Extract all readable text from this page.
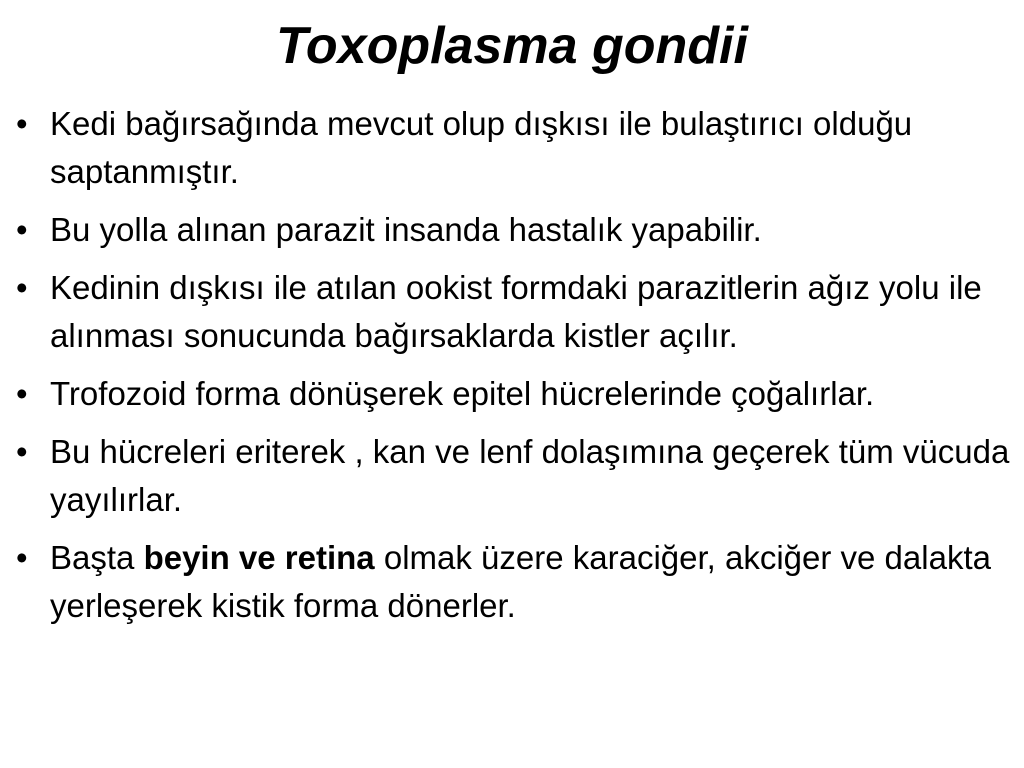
Toxoplasma gondii
• Kedi bağırsağında mevcut olup dışkısı ile bulaştırıcı olduğu saptanmıştır.
• Bu yolla alınan parazit insanda hastalık yapabilir.
• Kedinin dışkısı ile atılan ookist formdaki parazitlerin ağız yolu ile alınması sonucunda bağırsaklarda kistler açılır.
• Trofozoid forma dönüşerek epitel hücrelerinde çoğalırlar.
• Bu hücreleri eriterek , kan ve lenf dolaşımına geçerek tüm vücuda yayılırlar.
• Başta beyin ve retina olmak üzere karaciğer, akciğer ve dalakta yerleşerek kistik forma dönerler.
